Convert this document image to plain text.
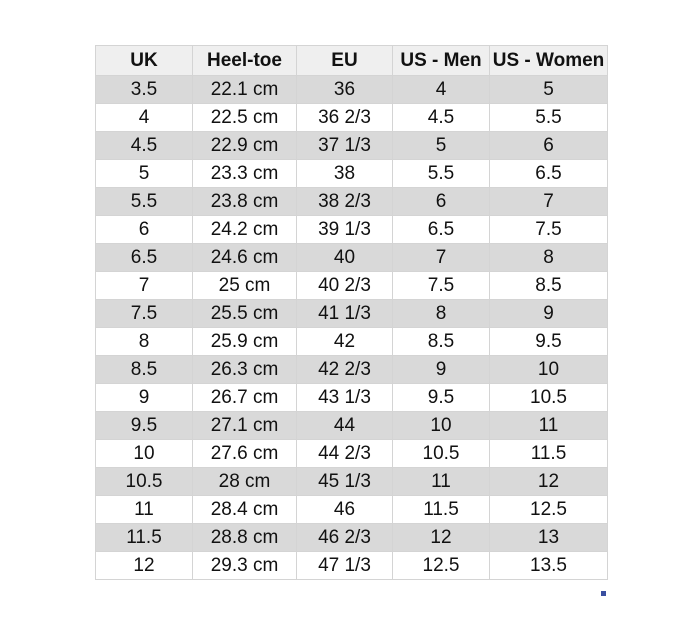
UK	Heel-toe	EU	US - Men	US - Women
3.5	22.1 cm	36	4	5
4	22.5 cm	36 2/3	4.5	5.5
4.5	22.9 cm	37 1/3	5	6
5	23.3 cm	38	5.5	6.5
5.5	23.8 cm	38 2/3	6	7
6	24.2 cm	39 1/3	6.5	7.5
6.5	24.6 cm	40	7	8
7	25 cm	40 2/3	7.5	8.5
7.5	25.5 cm	41 1/3	8	9
8	25.9 cm	42	8.5	9.5
8.5	26.3 cm	42 2/3	9	10
9	26.7 cm	43 1/3	9.5	10.5
9.5	27.1 cm	44	10	11
10	27.6 cm	44 2/3	10.5	11.5
10.5	28 cm	45 1/3	11	12
11	28.4 cm	46	11.5	12.5
11.5	28.8 cm	46 2/3	12	13
12	29.3 cm	47 1/3	12.5	13.5
